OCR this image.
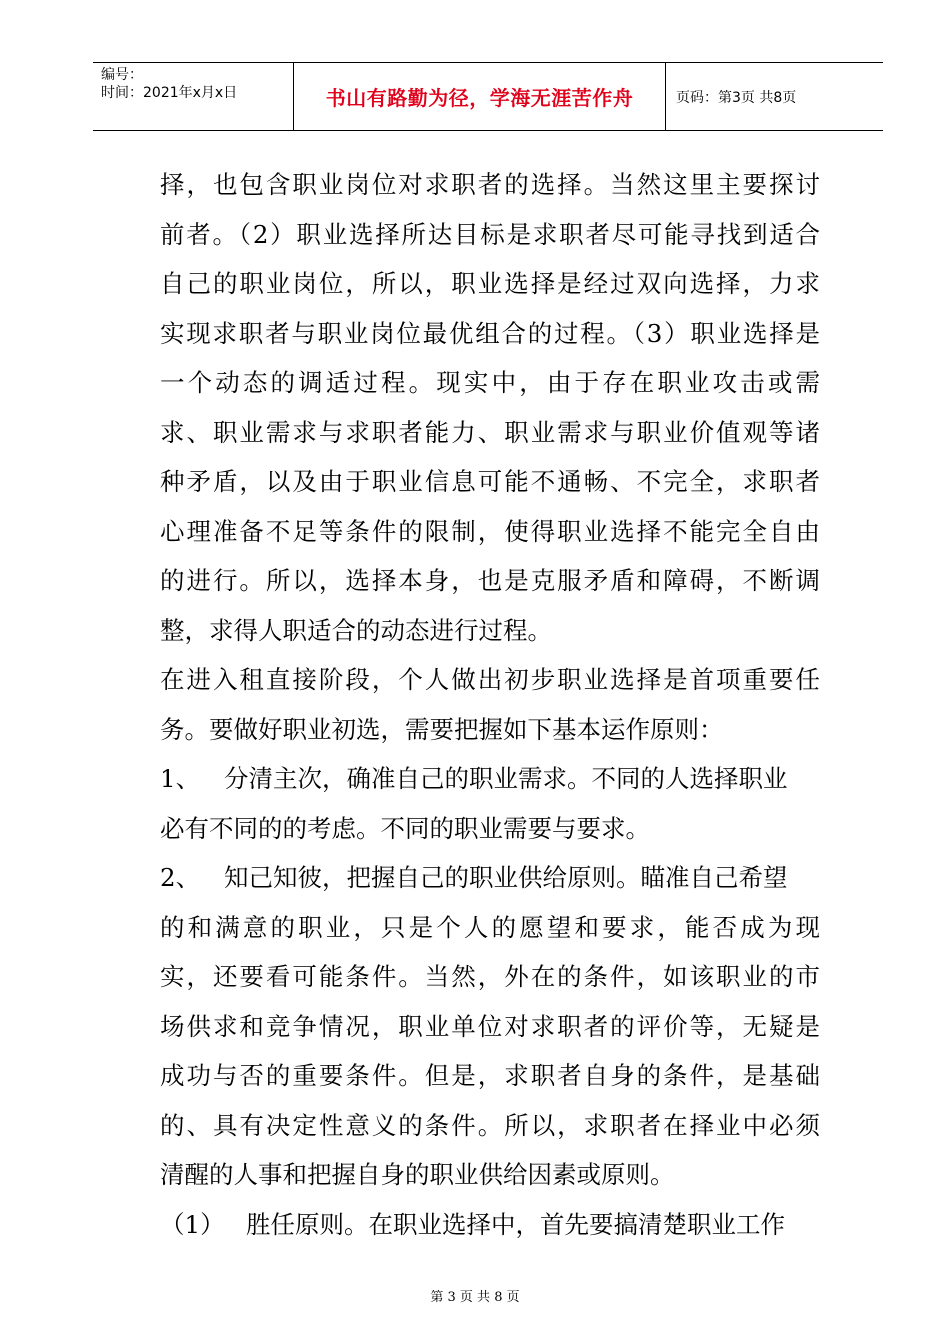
编号：
时间：2021年x月x日	书山有路勤为径，学海无涯苦作舟	页码：第3页 共8页

择，也包含职业岗位对求职者的选择。当然这里主要探讨

前者。（2）职业选择所达目标是求职者尽可能寻找到适合

自己的职业岗位，所以，职业选择是经过双向选择，力求

实现求职者与职业岗位最优组合的过程。（3）职业选择是

一个动态的调适过程。现实中，由于存在职业攻击或需

求、职业需求与求职者能力、职业需求与职业价值观等诸

种矛盾，以及由于职业信息可能不通畅、不完全，求职者

心理准备不足等条件的限制，使得职业选择不能完全自由

的进行。所以，选择本身，也是克服矛盾和障碍，不断调

整，求得人职适合的动态进行过程。

在进入租直接阶段，个人做出初步职业选择是首项重要任

务。要做好职业初选，需要把握如下基本运作原则：

1、 分清主次，确准自己的职业需求。不同的人选择职业

必有不同的的考虑。不同的职业需要与要求。

2、 知己知彼，把握自己的职业供给原则。瞄准自己希望

的和满意的职业，只是个人的愿望和要求，能否成为现

实，还要看可能条件。当然，外在的条件，如该职业的市

场供求和竞争情况，职业单位对求职者的评价等，无疑是

成功与否的重要条件。但是，求职者自身的条件，是基础

的、具有决定性意义的条件。所以，求职者在择业中必须

清醒的人事和把握自身的职业供给因素或原则。

（1） 胜任原则。在职业选择中，首先要搞清楚职业工作

第 3 页 共 8 页
